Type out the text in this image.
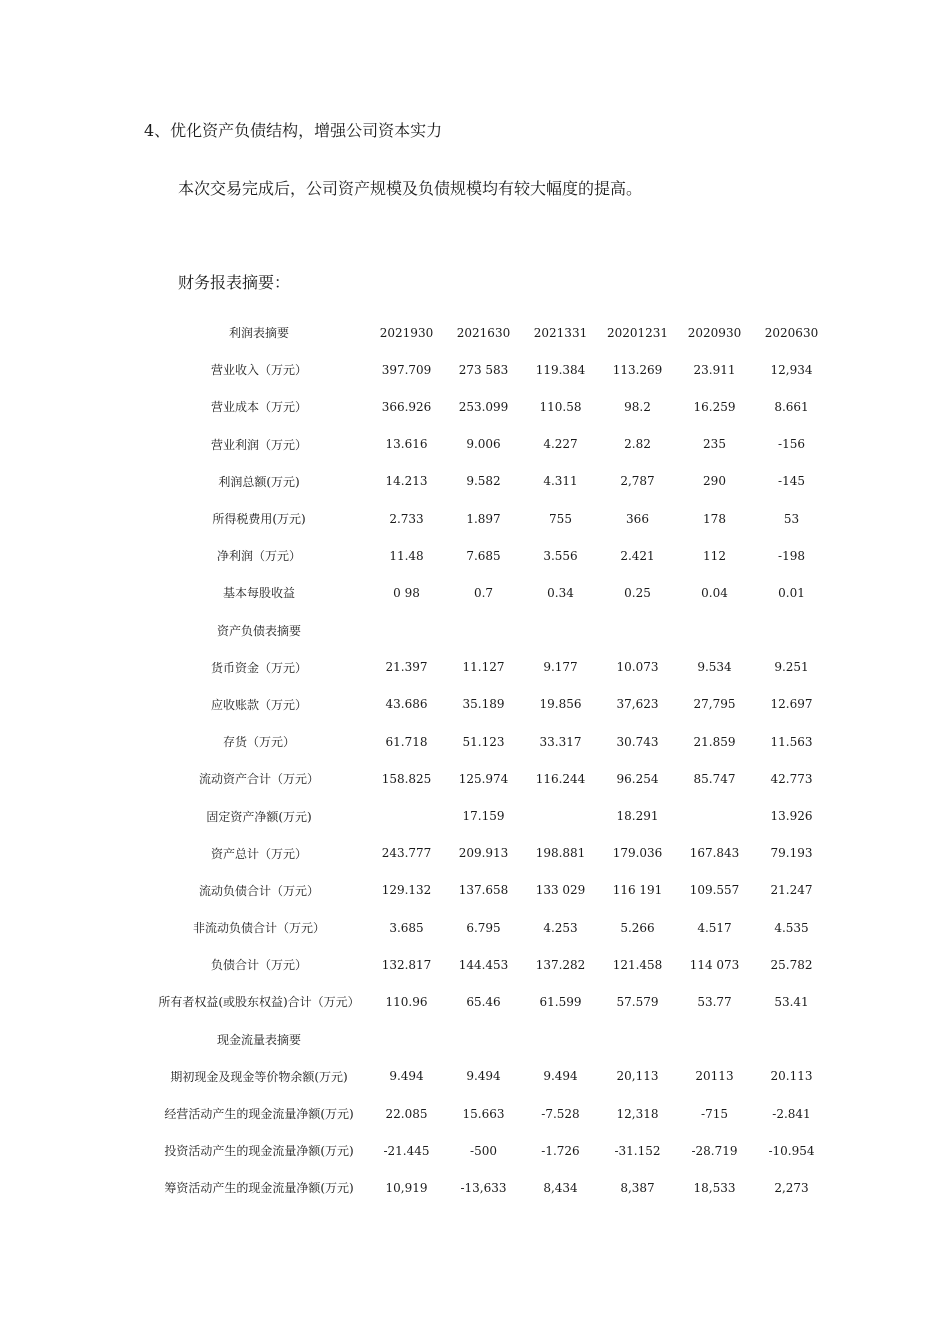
4、优化资产负债结构，增强公司资本实力
本次交易完成后，公司资产规模及负债规模均有较大幅度的提高。
财务报表摘要：
利润表摘要	2021930	2021630	2021331	20201231	2020930	2020630
营业收入（万元）	397.709	273 583	119.384	113.269	23.911	12,934
营业成本（万元）	366.926	253.099	110.58	98.2	16.259	8.661
营业利润（万元）	13.616	9.006	4.227	2.82	235	-156
利润总额(万元)	14.213	9.582	4.311	2,787	290	-145
所得税费用(万元)	2.733	1.897	755	366	178	53
净利润（万元）	11.48	7.685	3.556	2.421	112	-198
基本每股收益	0 98	0.7	0.34	0.25	0.04	0.01
资产负债表摘要						
货币资金（万元）	21.397	11.127	9.177	10.073	9.534	9.251
应收账款（万元）	43.686	35.189	19.856	37,623	27,795	12.697
存货（万元）	61.718	51.123	33.317	30.743	21.859	11.563
流动资产合计（万元）	158.825	125.974	116.244	96.254	85.747	42.773
固定资产净额(万元)		17.159		18.291		13.926
资产总计（万元）	243.777	209.913	198.881	179.036	167.843	79.193
流动负债合计（万元）	129.132	137.658	133 029	116 191	109.557	21.247
非流动负债合计（万元）	3.685	6.795	4.253	5.266	4.517	4.535
负债合计（万元）	132.817	144.453	137.282	121.458	114 073	25.782
所有者权益(或股东权益)合计（万元）	110.96	65.46	61.599	57.579	53.77	53.41
现金流量表摘要						
期初现金及现金等价物余额(万元)	9.494	9.494	9.494	20,113	20113	20.113
经营活动产生的现金流量净额(万元)	22.085	15.663	-7.528	12,318	-715	-2.841
投资活动产生的现金流量净额(万元)	-21.445	-500	-1.726	-31.152	-28.719	-10.954
筹资活动产生的现金流量净额(万元)	10,919	-13,633	8,434	8,387	18,533	2,273
